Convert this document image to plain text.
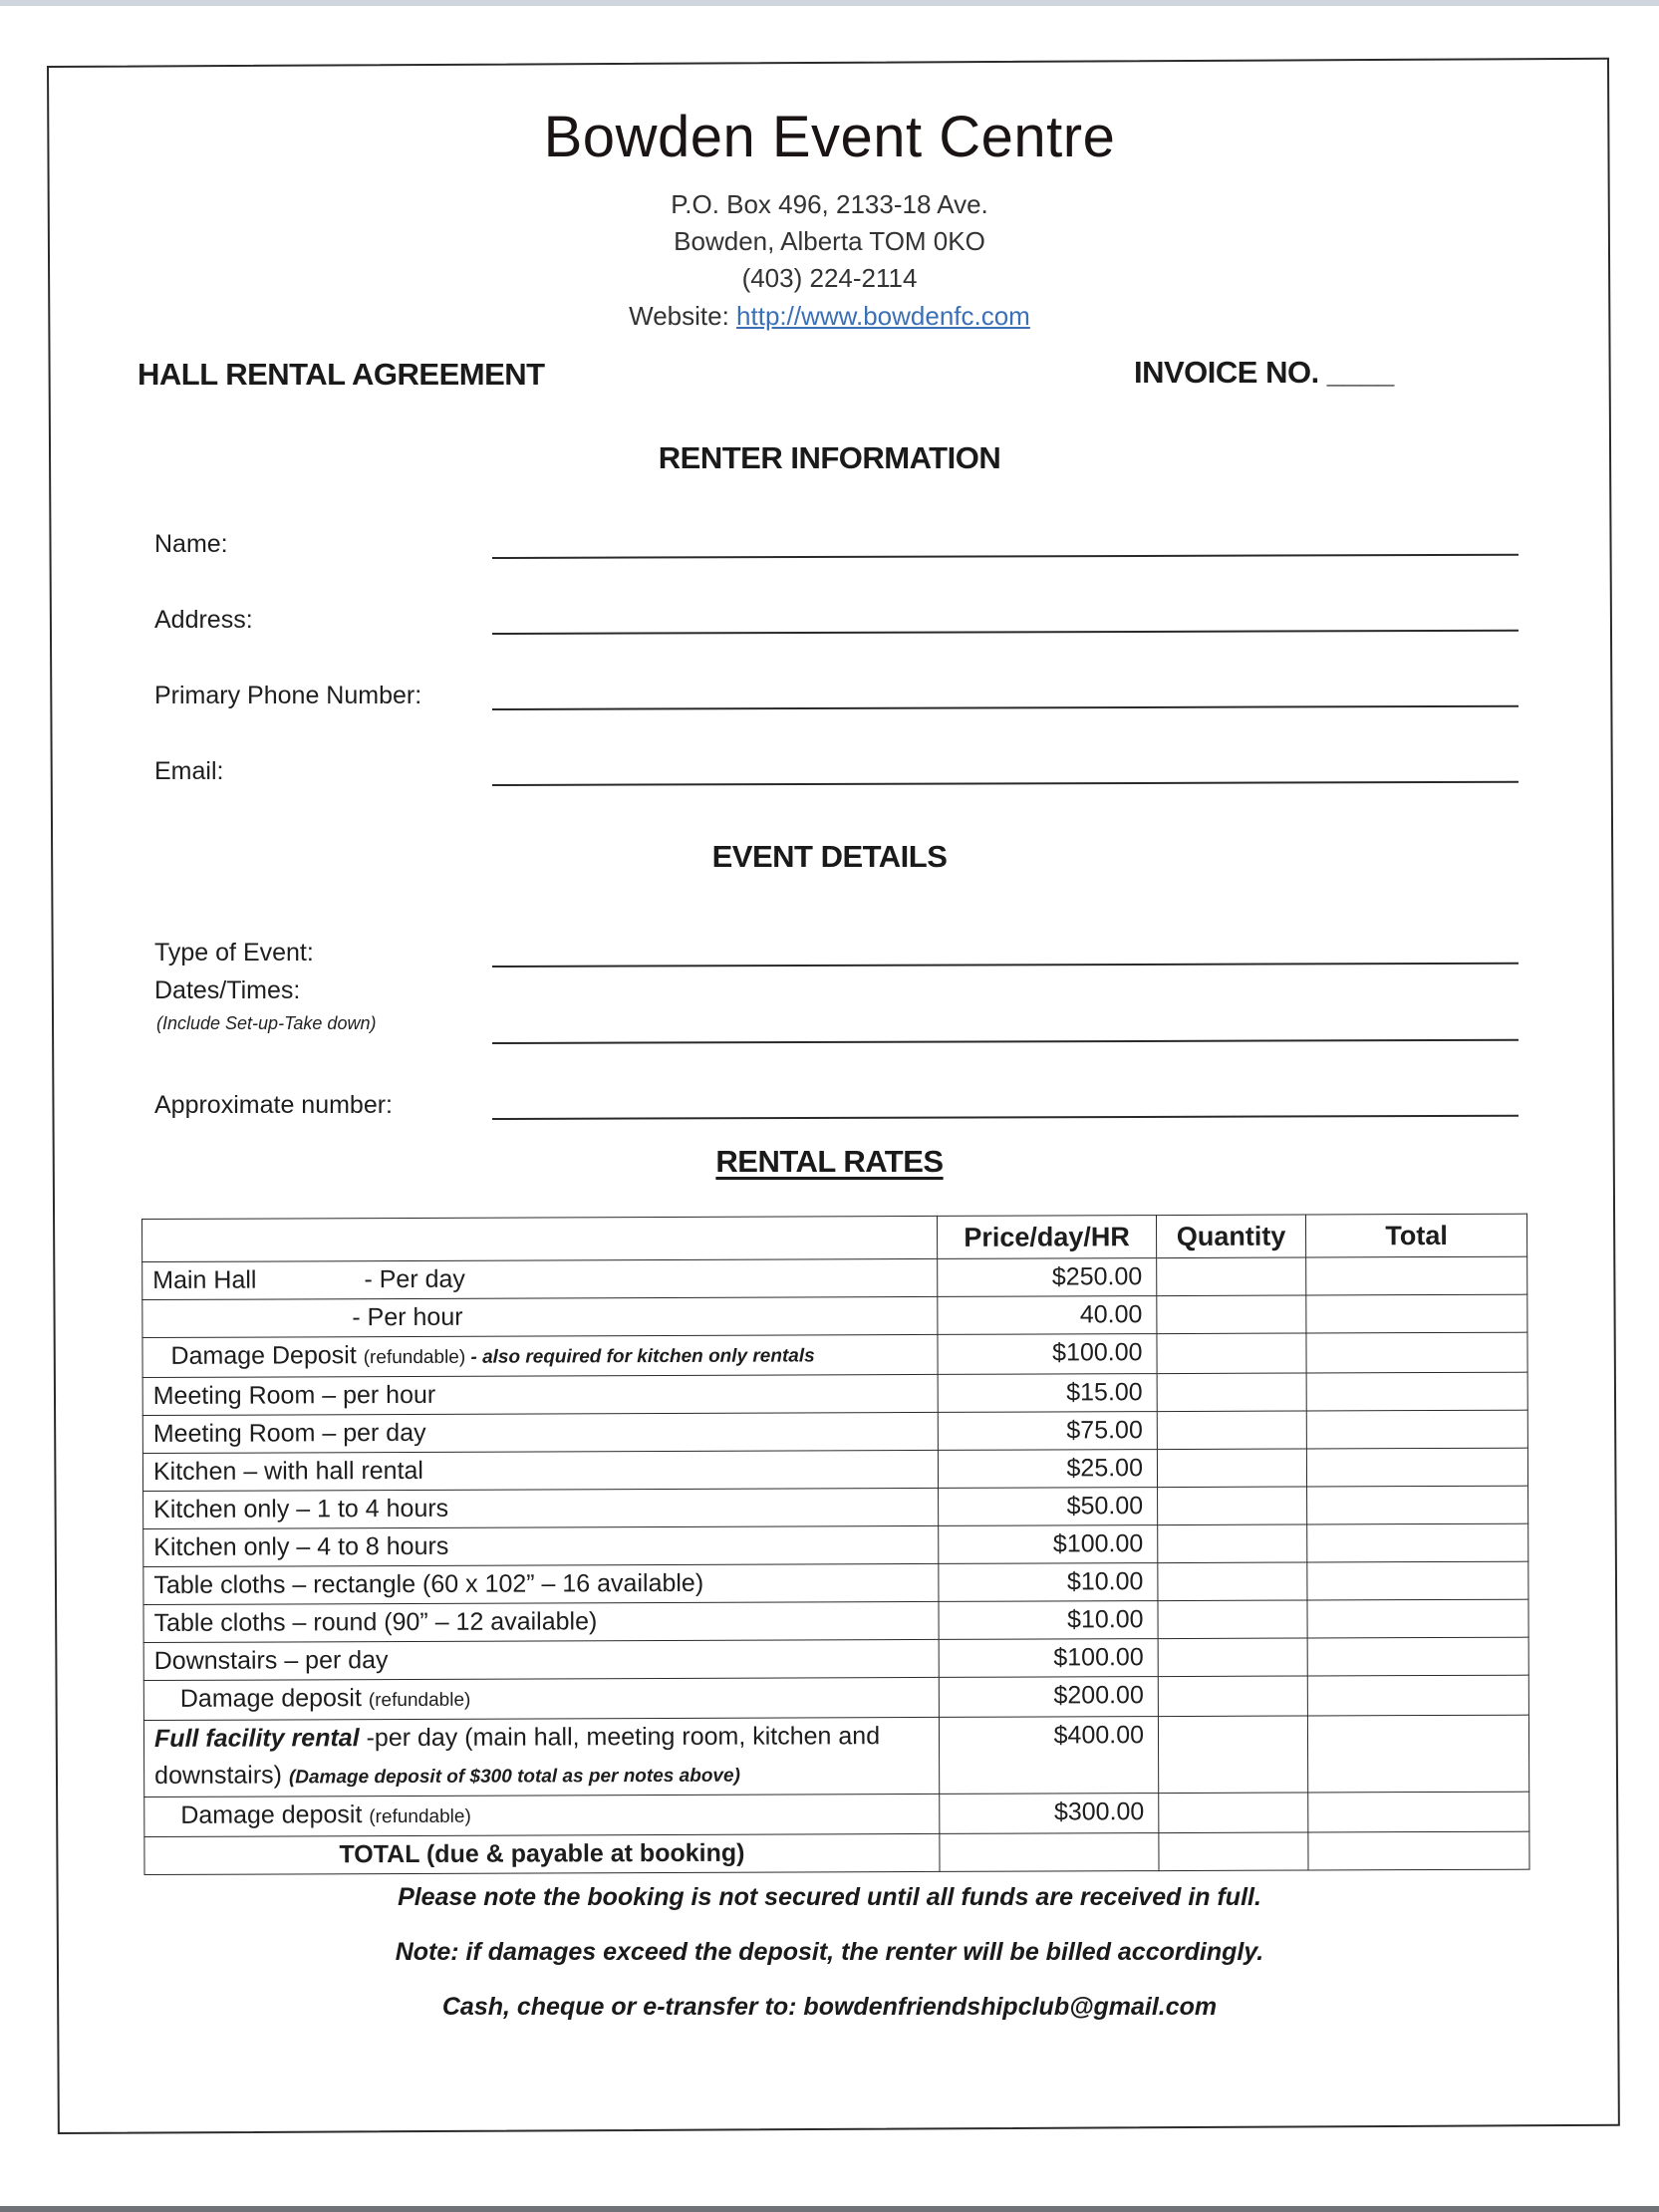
Bowden Event Centre
P.O. Box 496, 2133-18 Ave.
Bowden, Alberta TOM 0KO
(403) 224-2114
Website: http://www.bowdenfc.com
HALL RENTAL AGREEMENT	INVOICE NO. ____
RENTER INFORMATION
Name:
Address:
Primary Phone Number:
Email:
EVENT DETAILS
Type of Event:
Dates/Times:
(Include Set-up-Take down)
Approximate number:
RENTAL RATES
	Price/day/HR	Quantity	Total
Main Hall - Per day	$250.00		
- Per hour	40.00		
Damage Deposit (refundable) - also required for kitchen only rentals	$100.00		
Meeting Room – per hour	$15.00		
Meeting Room – per day	$75.00		
Kitchen – with hall rental	$25.00		
Kitchen only – 1 to 4 hours	$50.00		
Kitchen only – 4 to 8 hours	$100.00		
Table cloths – rectangle (60 x 102” – 16 available)	$10.00		
Table cloths – round (90” – 12 available)	$10.00		
Downstairs – per day	$100.00		
Damage deposit (refundable)	$200.00		
Full facility rental -per day (main hall, meeting room, kitchen and downstairs) (Damage deposit of $300 total as per notes above)	$400.00		
Damage deposit (refundable)	$300.00		
TOTAL (due & payable at booking)			
Please note the booking is not secured until all funds are received in full.
Note: if damages exceed the deposit, the renter will be billed accordingly.
Cash, cheque or e-transfer to: bowdenfriendshipclub@gmail.com
